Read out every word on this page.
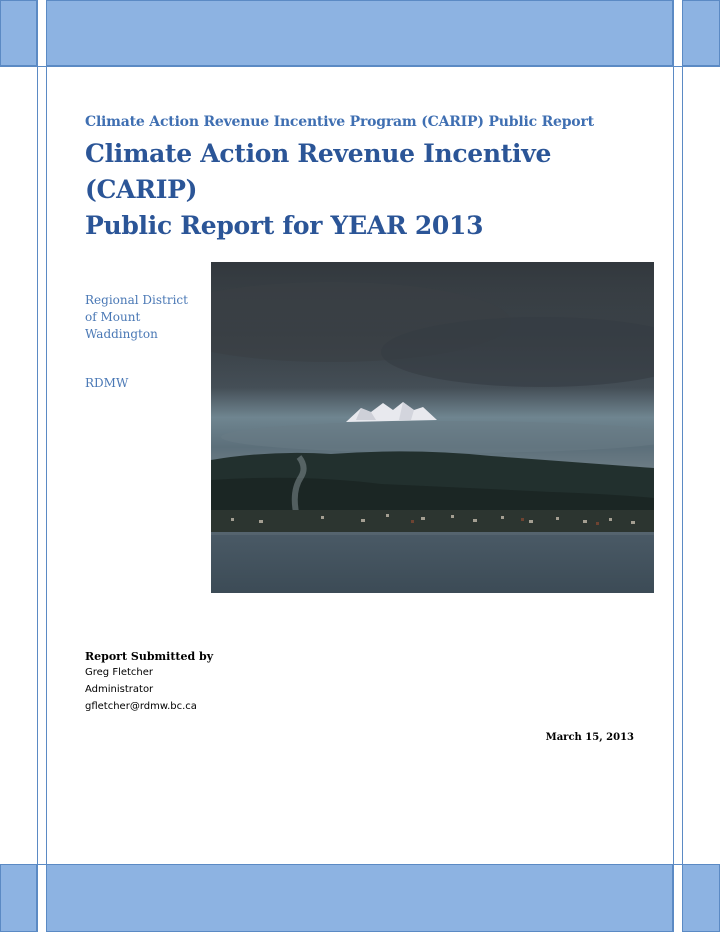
Climate Action Revenue Incentive Program (CARIP) Public Report
Climate Action Revenue Incentive (CARIP)
Public Report for YEAR 2013
Regional District
of Mount
Waddington
RDMW
Report Submitted by
Greg Fletcher
Administrator
gfletcher@rdmw.bc.ca
March 15, 2013
